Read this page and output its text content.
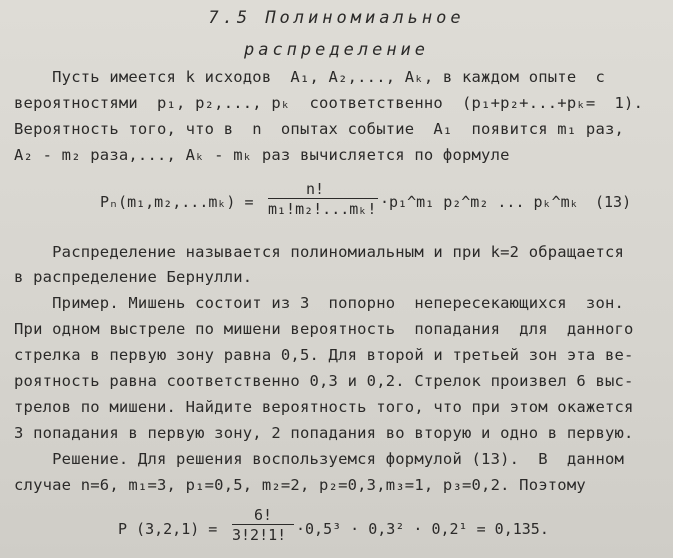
7.5 Полиномиальное
распределение
Пусть имеется k исходов  A₁, A₂,..., Aₖ, в каждом опыте  с
вероятностями  p₁, p₂,..., pₖ  соответственно  (p₁+p₂+...+pₖ=  1).
Вероятность того, что в  n  опытах событие  A₁  появится m₁ раз,
A₂ - m₂ раза,..., Aₖ - mₖ раз вычисляется по формуле
Pₙ(m₁,m₂,...mₖ) =
n!
m₁!m₂!...mₖ! ·p₁^m₁ p₂^m₂ ... pₖ^mₖ (13)
Распределение называется полиномиальным и при k=2 обращается
в распределение Бернулли.
Пример. Мишень состоит из 3  попорно  непересекающихся  зон.
При одном выстреле по мишени вероятность  попадания  для  данного
стрелка в первую зону равна 0,5. Для второй и третьей зон эта ве-
роятность равна соответственно 0,3 и 0,2. Стрелок произвел 6 выс-
трелов по мишени. Найдите вероятность того, что при этом окажется
3 попадания в первую зону, 2 попадания во вторую и одно в первую.
Решение. Для решения воспользуемся формулой (13).  В  данном
случае n=6, m₁=3, p₁=0,5, m₂=2, p₂=0,3,m₃=1, p₃=0,2. Поэтому
P (3,2,1) =
6!
3!2!1! ·0,5³ · 0,3² · 0,2¹ = 0,135.
